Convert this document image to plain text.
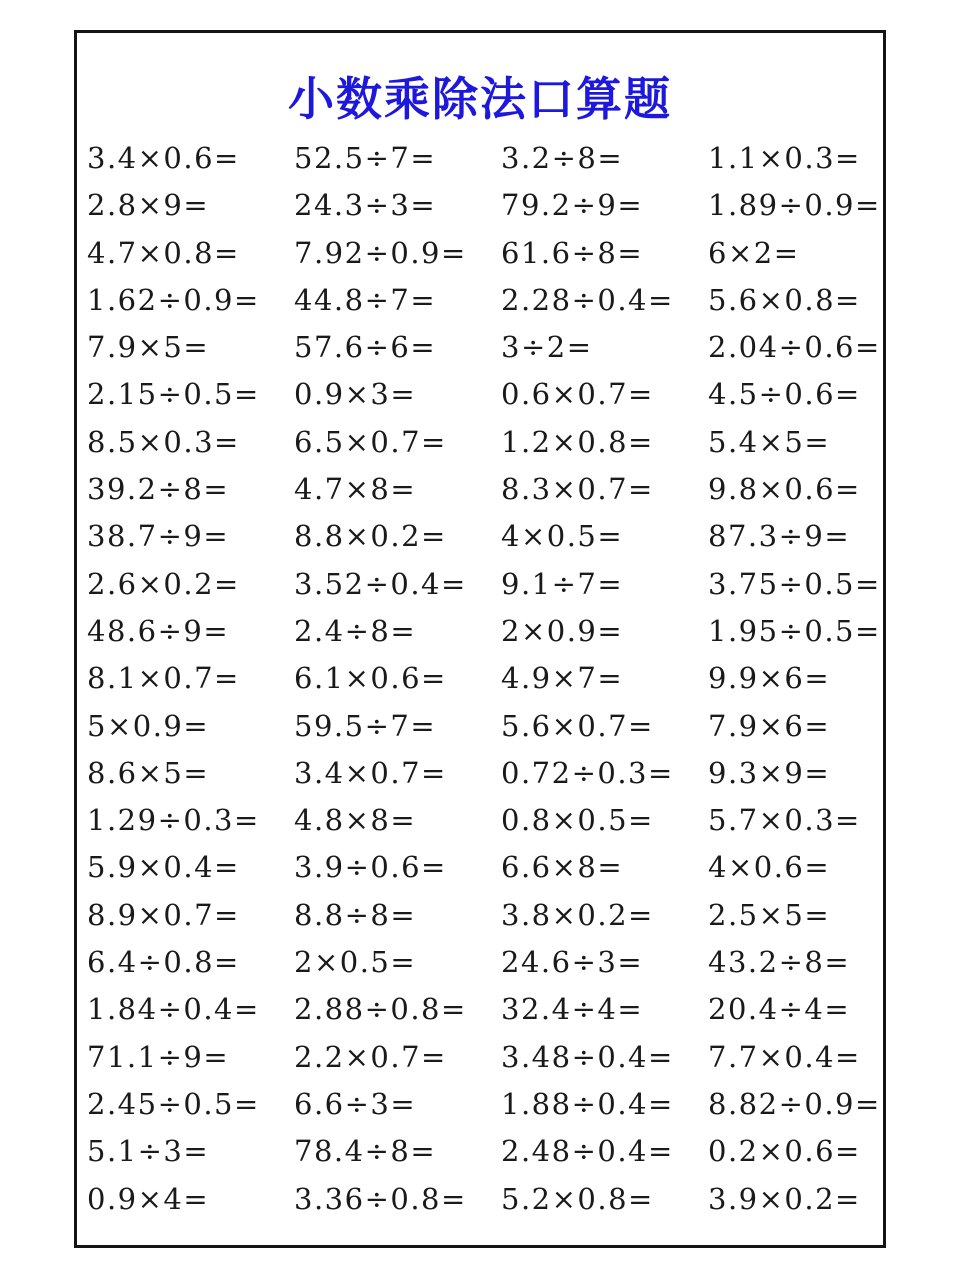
小数乘除法口算题
3.4×0.6=	52.5÷7=	3.2÷8=	1.1×0.3=
2.8×9=	24.3÷3=	79.2÷9=	1.89÷0.9=
4.7×0.8=	7.92÷0.9=	61.6÷8=	6×2=
1.62÷0.9=	44.8÷7=	2.28÷0.4=	5.6×0.8=
7.9×5=	57.6÷6=	3÷2=	2.04÷0.6=
2.15÷0.5=	0.9×3=	0.6×0.7=	4.5÷0.6=
8.5×0.3=	6.5×0.7=	1.2×0.8=	5.4×5=
39.2÷8=	4.7×8=	8.3×0.7=	9.8×0.6=
38.7÷9=	8.8×0.2=	4×0.5=	87.3÷9=
2.6×0.2=	3.52÷0.4=	9.1÷7=	3.75÷0.5=
48.6÷9=	2.4÷8=	2×0.9=	1.95÷0.5=
8.1×0.7=	6.1×0.6=	4.9×7=	9.9×6=
5×0.9=	59.5÷7=	5.6×0.7=	7.9×6=
8.6×5=	3.4×0.7=	0.72÷0.3=	9.3×9=
1.29÷0.3=	4.8×8=	0.8×0.5=	5.7×0.3=
5.9×0.4=	3.9÷0.6=	6.6×8=	4×0.6=
8.9×0.7=	8.8÷8=	3.8×0.2=	2.5×5=
6.4÷0.8=	2×0.5=	24.6÷3=	43.2÷8=
1.84÷0.4=	2.88÷0.8=	32.4÷4=	20.4÷4=
71.1÷9=	2.2×0.7=	3.48÷0.4=	7.7×0.4=
2.45÷0.5=	6.6÷3=	1.88÷0.4=	8.82÷0.9=
5.1÷3=	78.4÷8=	2.48÷0.4=	0.2×0.6=
0.9×4=	3.36÷0.8=	5.2×0.8=	3.9×0.2=
